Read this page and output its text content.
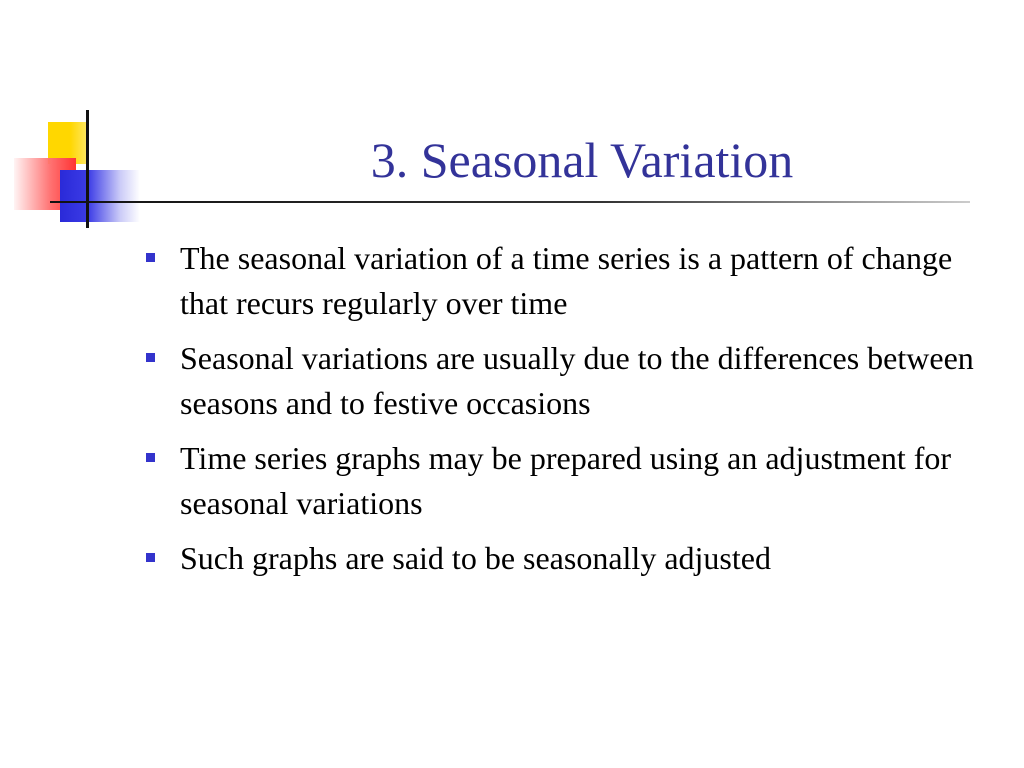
3. Seasonal Variation
The seasonal variation of a time series is a pattern of change that recurs regularly over time
Seasonal variations are usually due to the differences between seasons and to festive occasions
Time series graphs may be prepared using an adjustment for seasonal variations
Such graphs are said to be seasonally adjusted
